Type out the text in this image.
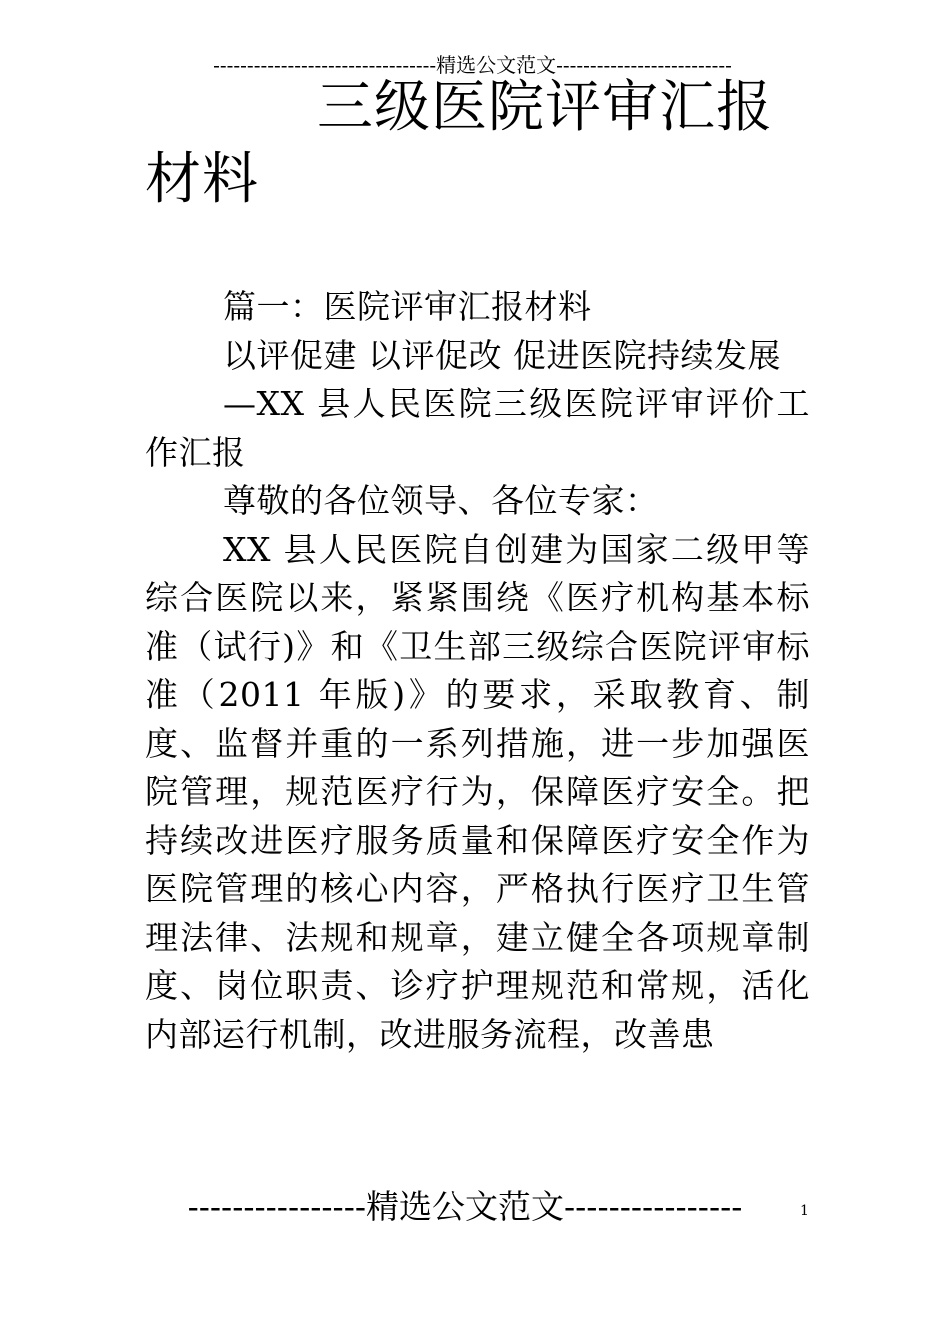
---------------------------------精选公文范文--------------------------
三级医院评审汇报材料

篇一：医院评审汇报材料

以评促建 以评促改 促进医院持续发展

—XX 县人民医院三级医院评审评价工作汇报

尊敬的各位领导、各位专家：

XX 县人民医院自创建为国家二级甲等综合医院以来，紧紧围绕《医疗机构基本标准（试行)》和《卫生部三级综合医院评审标准（2011 年版)》的要求，采取教育、制度、监督并重的一系列措施，进一步加强医院管理，规范医疗行为，保障医疗安全。把持续改进医疗服务质量和保障医疗安全作为医院管理的核心内容，严格执行医疗卫生管理法律、法规和规章，建立健全各项规章制度、岗位职责、诊疗护理规范和常规，活化内部运行机制，改进服务流程，改善患

----------------精选公文范文----------------	1
